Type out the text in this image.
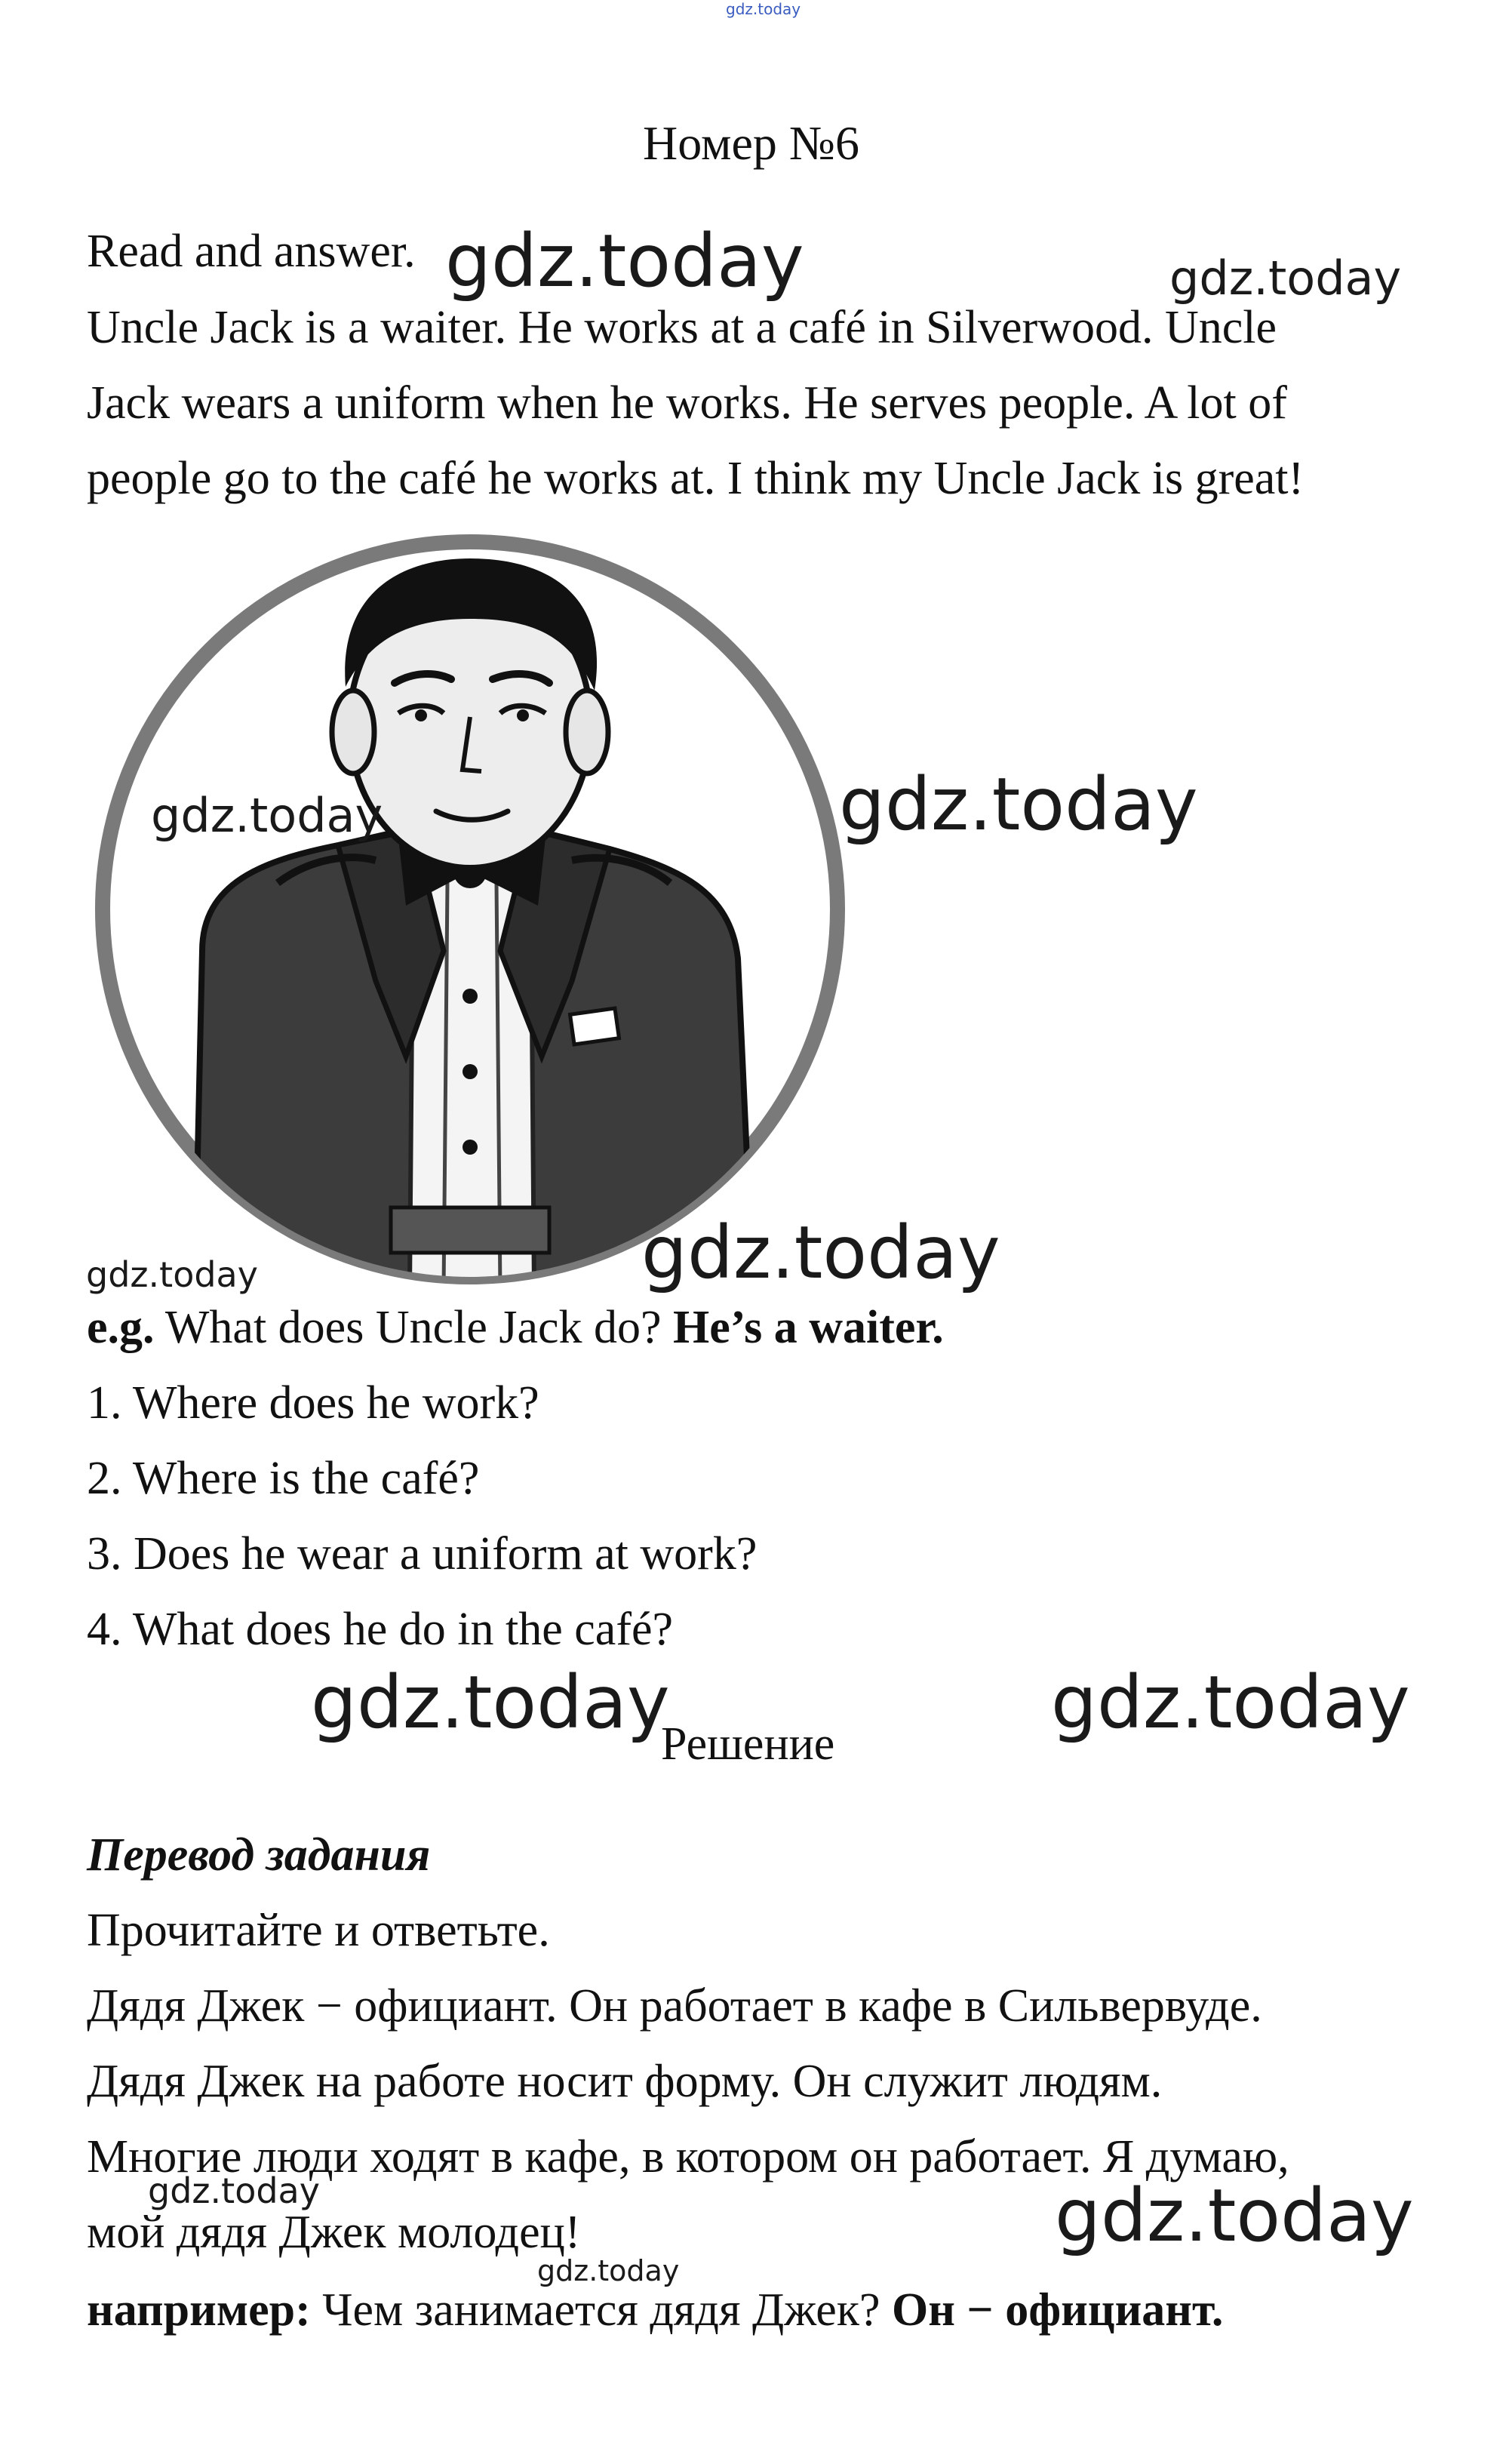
gdz.today
Номер №6
Read and answer. gdz.today	gdz.today
Uncle Jack is a waiter. He works at a café in Silverwood. Uncle
Jack wears a uniform when he works. He serves people. A lot of
people go to the café he works at. I think my Uncle Jack is great!
gdz.today	gdz.today
gdz.today	gdz.today
e.g. What does Uncle Jack do? He’s a waiter.
1. Where does he work?
2. Where is the café?
3. Does he wear a uniform at work?
4. What does he do in the café?
gdz.today
Решение	gdz.today
Перевод задания
Прочитайте и ответьте.
Дядя Джек − официант. Он работает в кафе в Сильвервуде.
Дядя Джек на работе носит форму. Он служит людям.
Многие люди ходят в кафе, в котором он работает. Я думаю,
мой дядя Джек молодец!
gdz.today	gdz.today
gdz.today
например: Чем занимается дядя Джек? Он − официант.
